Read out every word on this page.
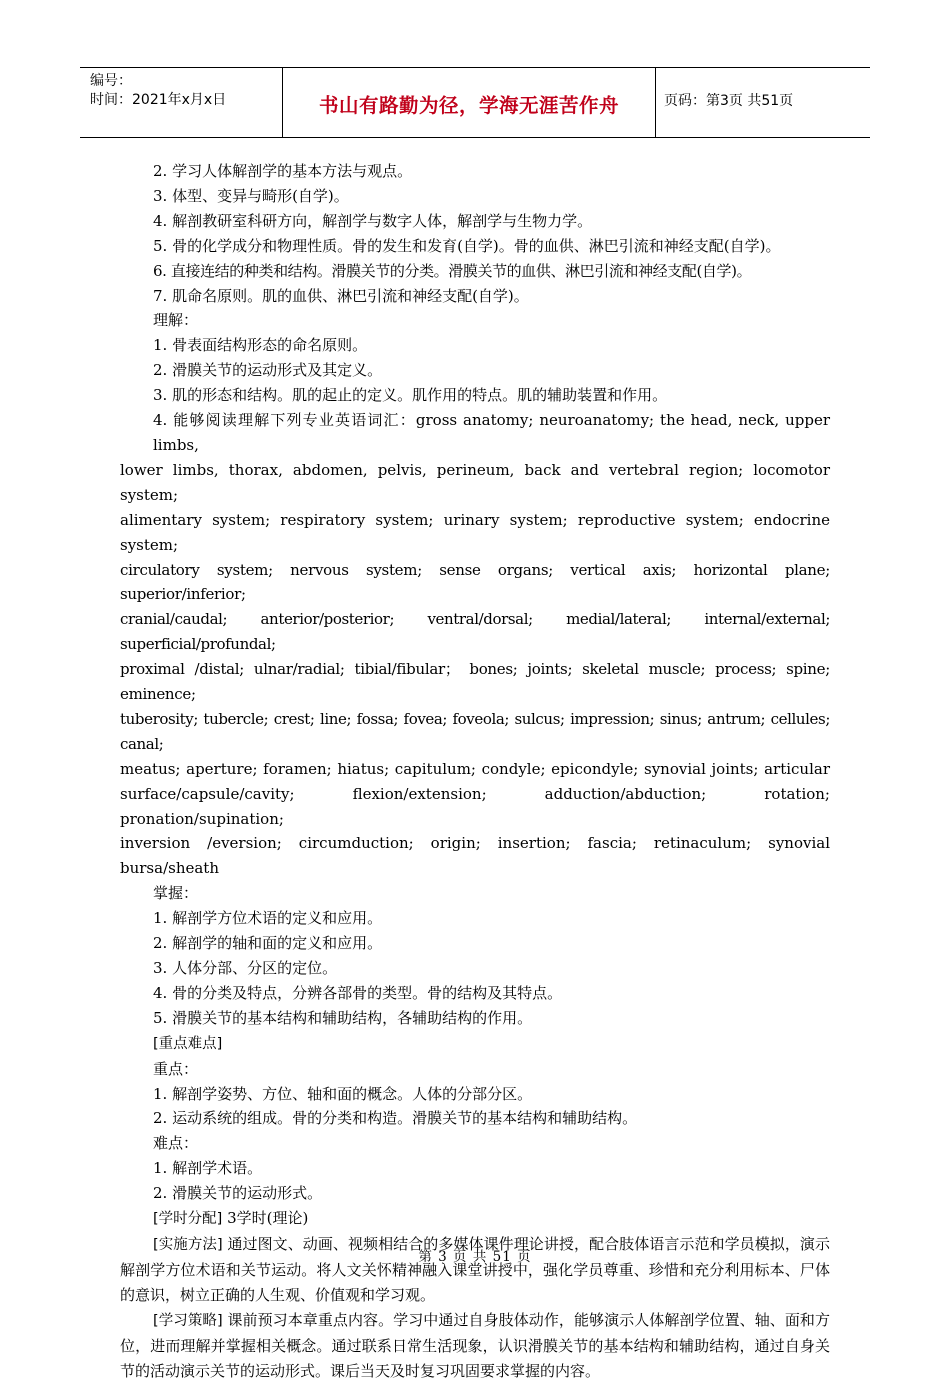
编号：
时间：2021年x月x日	书山有路勤为径，学海无涯苦作舟	页码：第3页 共51页

2. 学习人体解剖学的基本方法与观点。

3. 体型、变异与畸形(自学)。

4. 解剖教研室科研方向，解剖学与数字人体，解剖学与生物力学。

5. 骨的化学成分和物理性质。骨的发生和发育(自学)。骨的血供、淋巴引流和神经支配(自学)。

6. 直接连结的种类和结构。滑膜关节的分类。滑膜关节的血供、淋巴引流和神经支配(自学)。

7. 肌命名原则。肌的血供、淋巴引流和神经支配(自学)。

理解：

1. 骨表面结构形态的命名原则。

2. 滑膜关节的运动形式及其定义。

3. 肌的形态和结构。肌的起止的定义。肌作用的特点。肌的辅助装置和作用。

4. 能够阅读理解下列专业英语词汇：gross anatomy; neuroanatomy; the head, neck, upper limbs,
lower limbs, thorax, abdomen, pelvis, perineum, back and vertebral region; locomotor system;
alimentary system; respiratory system; urinary system; reproductive system; endocrine system;
circulatory system; nervous system; sense organs; vertical axis; horizontal plane; superior/inferior;
cranial/caudal; anterior/posterior; ventral/dorsal; medial/lateral; internal/external; superficial/profundal;
proximal /distal; ulnar/radial; tibial/fibular； bones; joints; skeletal muscle; process; spine; eminence;
tuberosity; tubercle; crest; line; fossa; fovea; foveola; sulcus; impression; sinus; antrum; cellules; canal;
meatus; aperture; foramen; hiatus; capitulum; condyle; epicondyle; synovial joints; articular
surface/capsule/cavity; flexion/extension; adduction/abduction; rotation; pronation/supination;
inversion /eversion; circumduction; origin; insertion; fascia; retinaculum; synovial bursa/sheath

掌握：

1. 解剖学方位术语的定义和应用。

2. 解剖学的轴和面的定义和应用。

3. 人体分部、分区的定位。

4. 骨的分类及特点，分辨各部骨的类型。骨的结构及其特点。

5. 滑膜关节的基本结构和辅助结构，各辅助结构的作用。

[重点难点]

重点：

1. 解剖学姿势、方位、轴和面的概念。人体的分部分区。

2. 运动系统的组成。骨的分类和构造。滑膜关节的基本结构和辅助结构。

难点：

1. 解剖学术语。

2. 滑膜关节的运动形式。

[学时分配] 3学时(理论)

[实施方法] 通过图文、动画、视频相结合的多媒体课件理论讲授，配合肢体语言示范和学员模拟，演示解剖学方位术语和关节运动。将人文关怀精神融入课堂讲授中，强化学员尊重、珍惜和充分利用标本、尸体的意识，树立正确的人生观、价值观和学习观。

[学习策略] 课前预习本章重点内容。学习中通过自身肢体动作，能够演示人体解剖学位置、轴、面和方位，进而理解并掌握相关概念。通过联系日常生活现象，认识滑膜关节的基本结构和辅助结构，通过自身关节的活动演示关节的运动形式。课后当天及时复习巩固要求掌握的内容。

第 3 页 共 51 页
